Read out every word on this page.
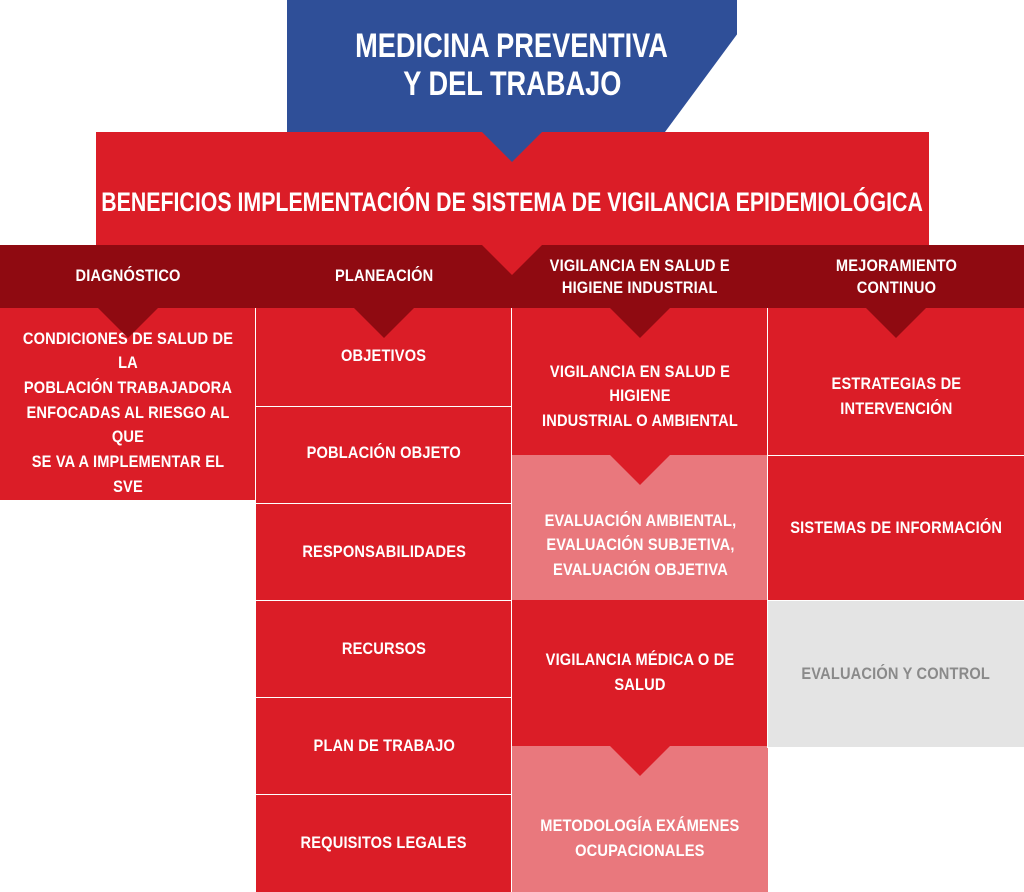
MEDICINA PREVENTIVA
Y DEL TRABAJO
BENEFICIOS IMPLEMENTACIÓN DE SISTEMA DE VIGILANCIA EPIDEMIOLÓGICA
DIAGNÓSTICO	PLANEACIÓN
VIGILANCIA EN SALUD E
HIGIENE INDUSTRIAL
MEJORAMIENTO
CONTINUO
CONDICIONES DE SALUD DE LA
POBLACIÓN TRABAJADORA
ENFOCADAS AL RIESGO AL QUE
SE VA A IMPLEMENTAR EL SVE
OBJETIVOS
POBLACIÓN OBJETO
RESPONSABILIDADES
RECURSOS
PLAN DE TRABAJO
REQUISITOS LEGALES
VIGILANCIA EN SALUD E HIGIENE
INDUSTRIAL O AMBIENTAL
EVALUACIÓN AMBIENTAL,
EVALUACIÓN SUBJETIVA,
EVALUACIÓN OBJETIVA
VIGILANCIA MÉDICA O DE SALUD
METODOLOGÍA EXÁMENES
OCUPACIONALES
ESTRATEGIAS DE
INTERVENCIÓN
SISTEMAS DE INFORMACIÓN
EVALUACIÓN Y CONTROL
